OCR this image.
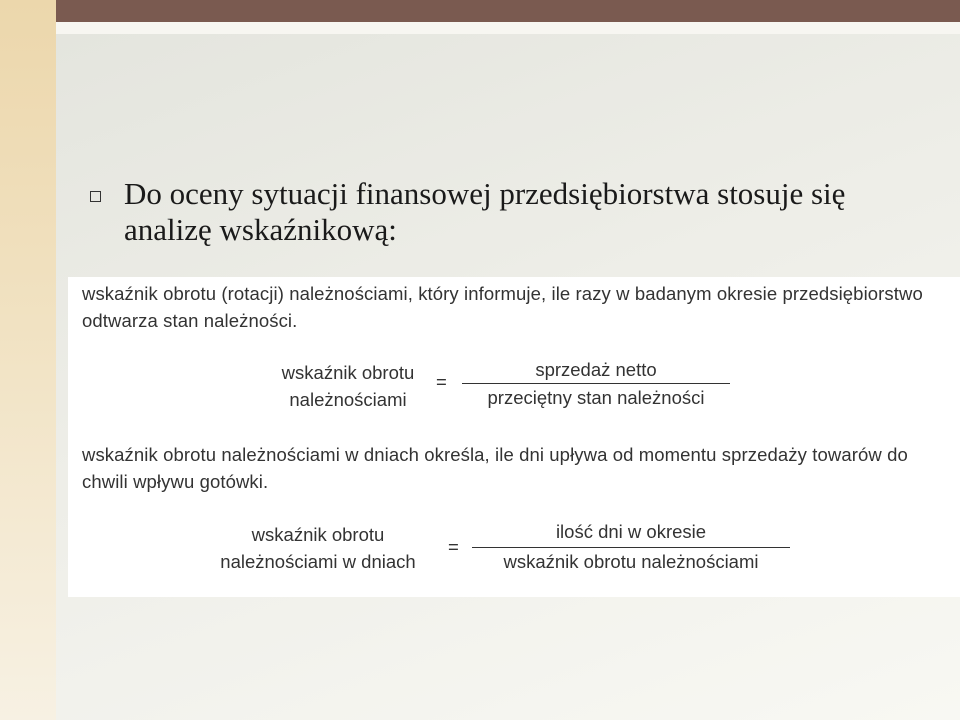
Do oceny sytuacji finansowej przedsiębiorstwa stosuje się analizę wskaźnikową:
wskaźnik obrotu (rotacji) należnościami, który informuje, ile razy w badanym okresie przedsiębiorstwo odtwarza stan należności.
wskaźnik obrotu
należnościami
=
sprzedaż netto
przeciętny stan należności
wskaźnik obrotu należnościami w dniach określa, ile dni upływa od momentu sprzedaży towarów do chwili wpływu gotówki.
wskaźnik obrotu
należnościami w dniach
=
ilość dni w okresie
wskaźnik obrotu należnościami
